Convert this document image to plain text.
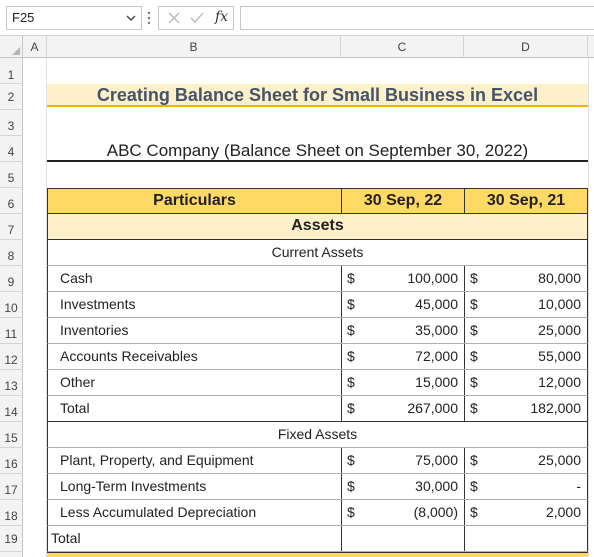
F25	fx
A	B	C	D
1
2
3
4
5
6
7
8
9
10
11
12
13
14
15
16
17
18
19
Creating Balance Sheet for Small Business in Excel
ABC Company (Balance Sheet on September 30, 2022)
Particulars	30 Sep, 22	30 Sep, 21
Assets
Current Assets
Cash	$	100,000 $	80,000
Investments	$	45,000 $	10,000
Inventories	$	35,000 $	25,000
Accounts Receivables	$	72,000 $	55,000
Other	$	15,000 $	12,000
Total	$	267,000 $	182,000
Fixed Assets
Plant, Property, and Equipment	$	75,000 $	25,000
Long-Term Investments	$	30,000 $	-
Less Accumulated Depreciation	$	(8,000) $	2,000
Total
